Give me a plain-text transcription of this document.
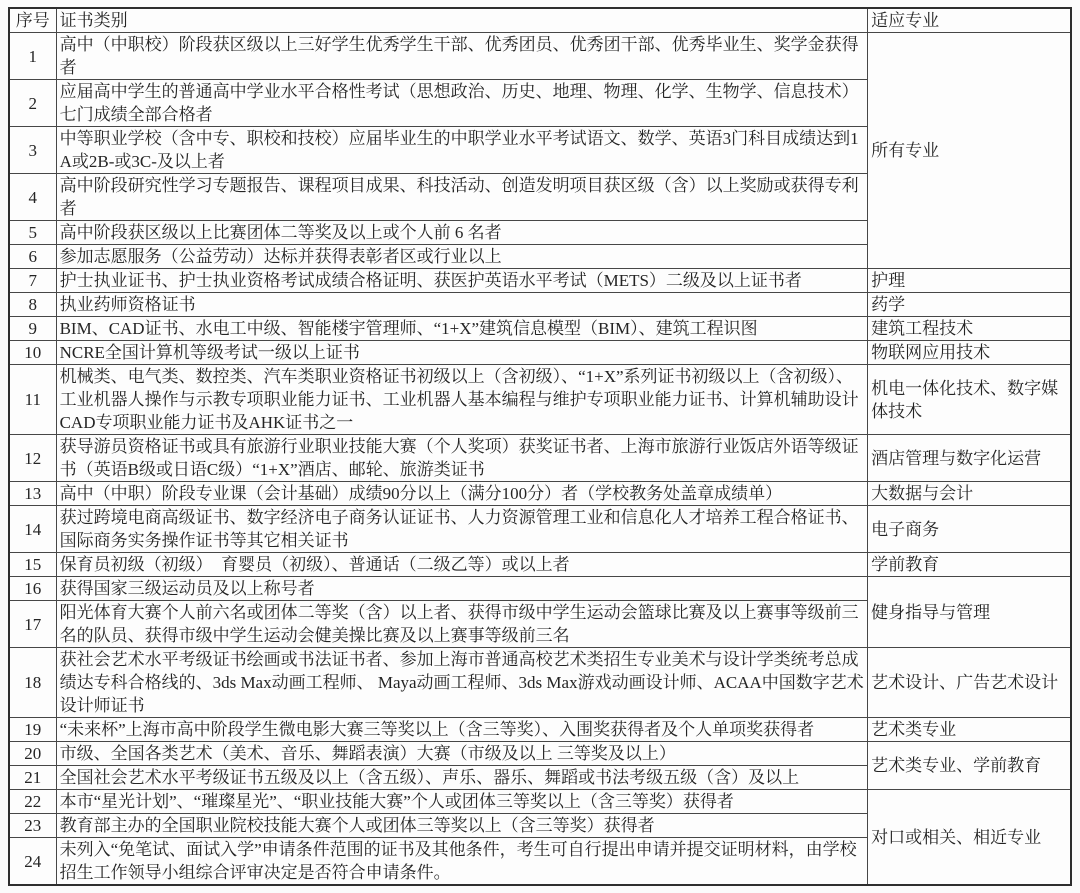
序号	证书类别	适应专业
1	高中（中职校）阶段获区级以上三好学生优秀学生干部、优秀团员、优秀团干部、优秀毕业生、奖学金获得者	所有专业
2	应届高中学生的普通高中学业水平合格性考试（思想政治、历史、地理、物理、化学、生物学、信息技术）七门成绩全部合格者	
3	中等职业学校（含中专、职校和技校）应届毕业生的中职学业水平考试语文、数学、英语3门科目成绩达到1A或2B-或3C-及以上者	
4	高中阶段研究性学习专题报告、课程项目成果、科技活动、创造发明项目获区级（含）以上奖励或获得专利者	
5	高中阶段获区级以上比赛团体二等奖及以上或个人前 6 名者	
6	参加志愿服务（公益劳动）达标并获得表彰者区或行业以上	
7	护士执业证书、护士执业资格考试成绩合格证明、获医护英语水平考试（METS）二级及以上证书者	护理
8	执业药师资格证书	药学
9	BIM、CAD证书、水电工中级、智能楼宇管理师、“1+X”建筑信息模型（BIM）、建筑工程识图	建筑工程技术
10	NCRE全国计算机等级考试一级以上证书	物联网应用技术
11	机械类、电气类、数控类、汽车类职业资格证书初级以上（含初级）、“1+X”系列证书初级以上（含初级）、工业机器人操作与示教专项职业能力证书、工业机器人基本编程与维护专项职业能力证书、计算机辅助设计CAD专项职业能力证书及AHK证书之一	机电一体化技术、数字媒体技术
12	获导游员资格证书或具有旅游行业职业技能大赛（个人奖项）获奖证书者、上海市旅游行业饭店外语等级证书（英语B级或日语C级）“1+X”酒店、邮轮、旅游类证书	酒店管理与数字化运营
13	高中（中职）阶段专业课（会计基础）成绩90分以上（满分100分）者（学校教务处盖章成绩单）	大数据与会计
14	获过跨境电商高级证书、数字经济电子商务认证证书、人力资源管理工业和信息化人才培养工程合格证书、国际商务实务操作证书等其它相关证书	电子商务
15	保育员初级（初级）　育婴员（初级）、普通话（二级乙等）或以上者	学前教育
16	获得国家三级运动员及以上称号者	健身指导与管理
17	阳光体育大赛个人前六名或团体二等奖（含）以上者、获得市级中学生运动会篮球比赛及以上赛事等级前三名的队员、获得市级中学生运动会健美操比赛及以上赛事等级前三名	
18	获社会艺术水平考级证书绘画或书法证书者、参加上海市普通高校艺术类招生专业美术与设计学类统考总成绩达专科合格线的、3ds Max动画工程师、 Maya动画工程师、3ds Max游戏动画设计师、ACAA中国数字艺术设计师证书	艺术设计、广告艺术设计
19	“未来杯”上海市高中阶段学生微电影大赛三等奖以上（含三等奖）、入围奖获得者及个人单项奖获得者	艺术类专业
20	市级、全国各类艺术（美术、音乐、舞蹈表演）大赛（市级及以上 三等奖及以上）	艺术类专业、学前教育
21	全国社会艺术水平考级证书五级及以上（含五级）、声乐、器乐、舞蹈或书法考级五级（含）及以上	
22	本市“星光计划”、“璀璨星光”、“职业技能大赛”个人或团体三等奖以上（含三等奖）获得者	对口或相关、相近专业
23	教育部主办的全国职业院校技能大赛个人或团体三等奖以上（含三等奖）获得者	
24	未列入“免笔试、面试入学”申请条件范围的证书及其他条件，考生可自行提出申请并提交证明材料，由学校招生工作领导小组综合评审决定是否符合申请条件。	
